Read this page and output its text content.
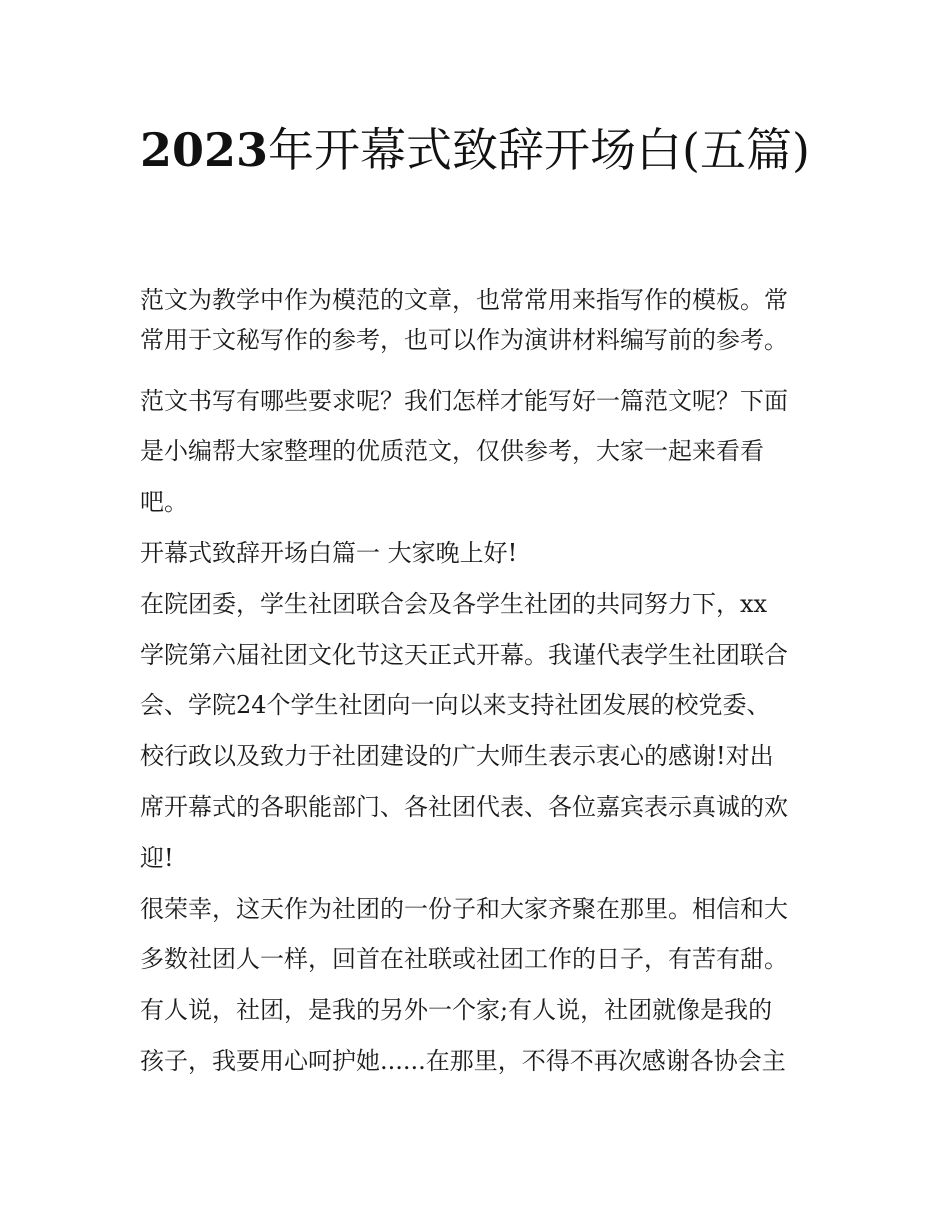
2023年开幕式致辞开场白(五篇)

范文为教学中作为模范的文章，也常常用来指写作的模板。常

常用于文秘写作的参考，也可以作为演讲材料编写前的参考。

范文书写有哪些要求呢？我们怎样才能写好一篇范文呢？下面

是小编帮大家整理的优质范文，仅供参考，大家一起来看看

吧。

开幕式致辞开场白篇一 大家晚上好!

在院团委，学生社团联合会及各学生社团的共同努力下，xx

学院第六届社团文化节这天正式开幕。我谨代表学生社团联合

会、学院24个学生社团向一向以来支持社团发展的校党委、

校行政以及致力于社团建设的广大师生表示衷心的感谢!对出

席开幕式的各职能部门、各社团代表、各位嘉宾表示真诚的欢

迎!

很荣幸，这天作为社团的一份子和大家齐聚在那里。相信和大

多数社团人一样，回首在社联或社团工作的日子，有苦有甜。

有人说，社团，是我的另外一个家;有人说，社团就像是我的

孩子，我要用心呵护她......在那里，不得不再次感谢各协会主
